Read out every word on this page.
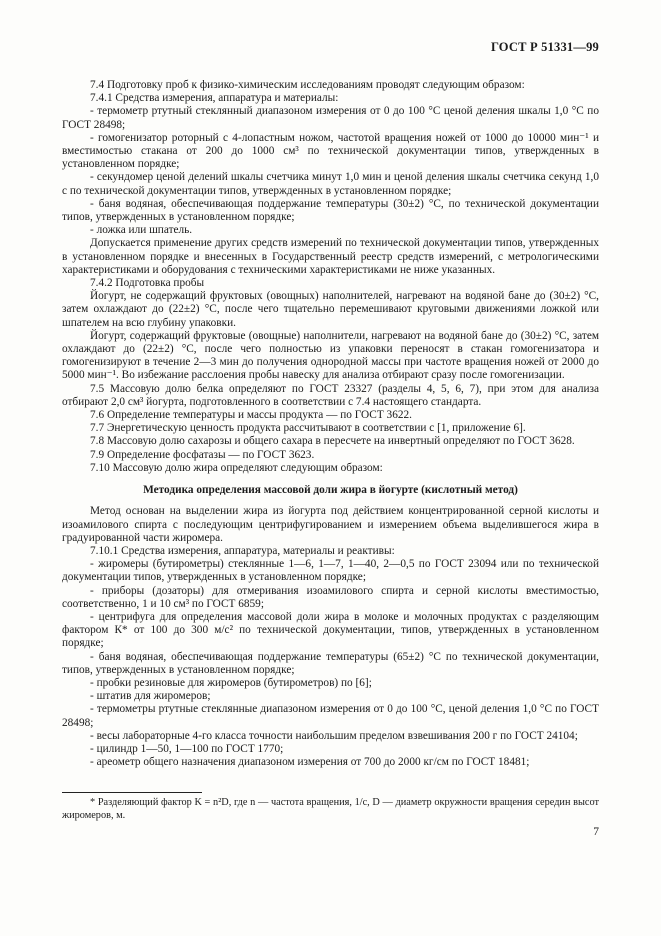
ГОСТ Р 51331—99

7.4 Подготовку проб к физико-химическим исследованиям проводят следующим образом:

7.4.1 Средства измерения, аппаратура и материалы:

- термометр ртутный стеклянный диапазоном измерения от 0 до 100 °С ценой деления шкалы 1,0 °С по ГОСТ 28498;

- гомогенизатор роторный с 4-лопастным ножом, частотой вращения ножей от 1000 до 10000 мин⁻¹ и вместимостью стакана от 200 до 1000 см³ по технической документации типов, утвержденных в установленном порядке;

- секундомер ценой делений шкалы счетчика минут 1,0 мин и ценой деления шкалы счетчика секунд 1,0 с по технической документации типов, утвержденных в установленном порядке;

- баня водяная, обеспечивающая поддержание температуры (30±2) °С, по технической документации типов, утвержденных в установленном порядке;

- ложка или шпатель.

Допускается применение других средств измерений по технической документации типов, утвержденных в установленном порядке и внесенных в Государственный реестр средств измерений, с метрологическими характеристиками и оборудования с техническими характеристиками не ниже указанных.

7.4.2 Подготовка пробы

Йогурт, не содержащий фруктовых (овощных) наполнителей, нагревают на водяной бане до (30±2) °С, затем охлаждают до (22±2) °С, после чего тщательно перемешивают круговыми движениями ложкой или шпателем на всю глубину упаковки.

Йогурт, содержащий фруктовые (овощные) наполнители, нагревают на водяной бане до (30±2) °С, затем охлаждают до (22±2) °С, после чего полностью из упаковки переносят в стакан гомогенизатора и гомогенизируют в течение 2—3 мин до получения однородной массы при частоте вращения ножей от 2000 до 5000 мин⁻¹. Во избежание расслоения пробы навеску для анализа отбирают сразу после гомогенизации.

7.5 Массовую долю белка определяют по ГОСТ 23327 (разделы 4, 5, 6, 7), при этом для анализа отбирают 2,0 см³ йогурта, подготовленного в соответствии с 7.4 настоящего стандарта.

7.6 Определение температуры и массы продукта — по ГОСТ 3622.

7.7 Энергетическую ценность продукта рассчитывают в соответствии с [1, приложение 6].

7.8 Массовую долю сахарозы и общего сахара в пересчете на инвертный определяют по ГОСТ 3628.

7.9 Определение фосфатазы — по ГОСТ 3623.

7.10 Массовую долю жира определяют следующим образом:

Методика определения массовой доли жира в йогурте (кислотный метод)

Метод основан на выделении жира из йогурта под действием концентрированной серной кислоты и изоамилового спирта с последующим центрифугированием и измерением объема выделившегося жира в градуированной части жиромера.

7.10.1 Средства измерения, аппаратура, материалы и реактивы:

- жиромеры (бутирометры) стеклянные 1—6, 1—7, 1—40, 2—0,5 по ГОСТ 23094 или по технической документации типов, утвержденных в установленном порядке;

- приборы (дозаторы) для отмеривания изоамилового спирта и серной кислоты вместимостью, соответственно, 1 и 10 см³ по ГОСТ 6859;

- центрифуга для определения массовой доли жира в молоке и молочных продуктах с разделяющим фактором К* от 100 до 300 м/с² по технической документации, типов, утвержденных в установленном порядке;

- баня водяная, обеспечивающая поддержание температуры (65±2) °С по технической документации, типов, утвержденных в установленном порядке;

- пробки резиновые для жиромеров (бутирометров) по [6];

- штатив для жиромеров;

- термометры ртутные стеклянные диапазоном измерения от 0 до 100 °С, ценой деления 1,0 °С по ГОСТ 28498;

- весы лабораторные 4-го класса точности наибольшим пределом взвешивания 200 г по ГОСТ 24104;

- цилиндр 1—50, 1—100 по ГОСТ 1770;

- ареометр общего назначения диапазоном измерения от 700 до 2000 кг/см по ГОСТ 18481;

* Разделяющий фактор K = n²D, где n — частота вращения, 1/с, D — диаметр окружности вращения середин высот жиромеров, м.
7
